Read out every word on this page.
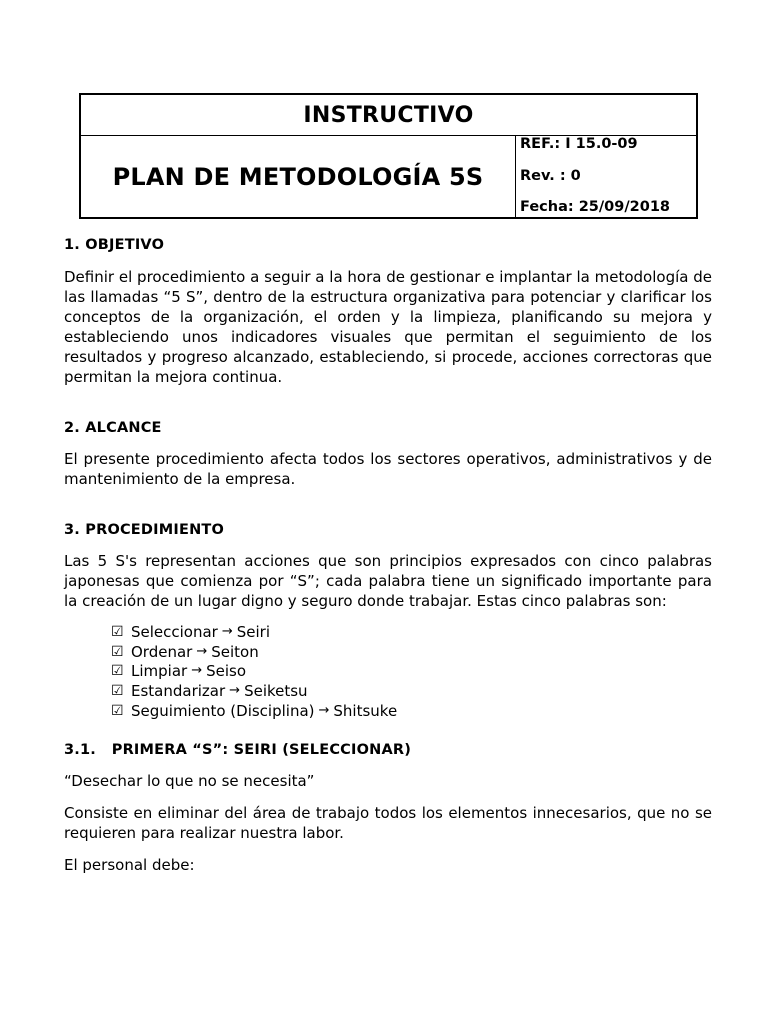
INSTRUCTIVO
PLAN DE METODOLOGÍA 5S
REF.: I 15.0-09
Rev. : 0
Fecha: 25/09/2018

1. OBJETIVO

Definir el procedimiento a seguir a la hora de gestionar e implantar la metodología de las llamadas “5 S”, dentro de la estructura organizativa para potenciar y clarificar los conceptos de la organización, el orden y la limpieza, planificando su mejora y estableciendo unos indicadores visuales que permitan el seguimiento de los resultados y progreso alcanzado, estableciendo, si procede, acciones correctoras que permitan la mejora continua.

2. ALCANCE

El presente procedimiento afecta todos los sectores operativos, administrativos y de mantenimiento de la empresa.

3. PROCEDIMIENTO

Las 5 S's representan acciones que son principios expresados con cinco palabras japonesas que comienza por “S”; cada palabra tiene un significado importante para la creación de un lugar digno y seguro donde trabajar. Estas cinco palabras son:

☑ Seleccionar → Seiri
☑ Ordenar → Seiton
☑ Limpiar → Seiso
☑ Estandarizar → Seiketsu
☑ Seguimiento (Disciplina) → Shitsuke

3.1.   PRIMERA “S”: SEIRI (SELECCIONAR)

“Desechar lo que no se necesita”

Consiste en eliminar del área de trabajo todos los elementos innecesarios, que no se requieren para realizar nuestra labor.

El personal debe:
